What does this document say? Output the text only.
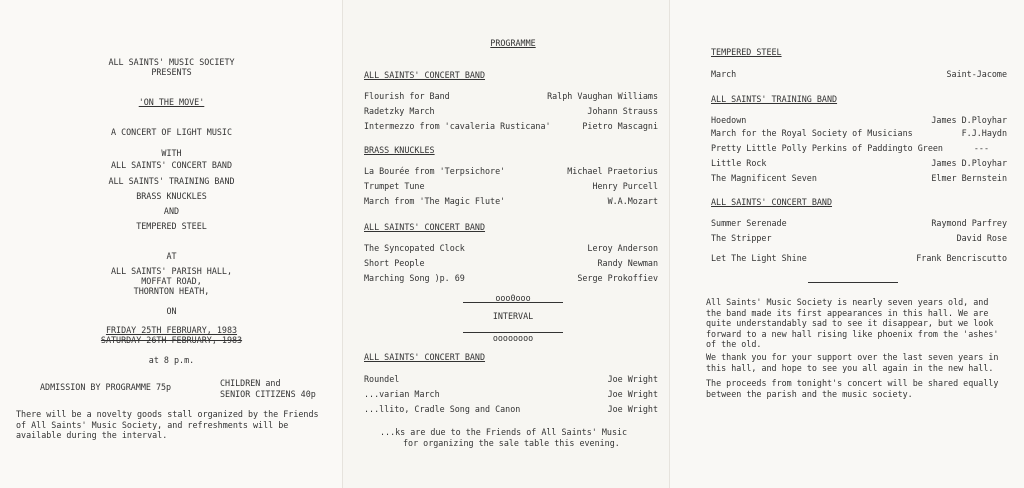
ALL SAINTS' MUSIC SOCIETY
PRESENTS
'ON THE MOVE'
A CONCERT OF LIGHT MUSIC
WITH
ALL SAINTS' CONCERT BAND
ALL SAINTS' TRAINING BAND
BRASS KNUCKLES
AND
TEMPERED STEEL
AT
ALL SAINTS' PARISH HALL,
MOFFAT ROAD,
THORNTON HEATH,
ON
FRIDAY 25TH FEBRUARY, 1983
SATURDAY 26TH FEBRUARY, 1983
at 8 p.m.
ADMISSION BY PROGRAMME 75p	CHILDREN and
SENIOR CITIZENS 40p
There will be a novelty goods stall organized by the Friends of All Saints' Music Society, and refreshments will be available during the interval.
PROGRAMME
ALL SAINTS' CONCERT BAND
Flourish for Band	Ralph Vaughan Williams
Radetzky March	Johann Strauss
Intermezzo from 'cavaleria Rusticana'	Pietro Mascagni
BRASS KNUCKLES
La Bourée from 'Terpsichore'	Michael Praetorius
Trumpet Tune	Henry Purcell
March from 'The Magic Flute'	W.A.Mozart
ALL SAINTS' CONCERT BAND
The Syncopated Clock	Leroy Anderson
Short People	Randy Newman
Marching Song )p. 69	Serge Prokoffiev
ooo0ooo
INTERVAL
oooooooo
ALL SAINTS' CONCERT BAND
Roundel	Joe Wright
...varian March	Joe Wright
...llito, Cradle Song and Canon	Joe Wright
...ks are due to the Friends of All Saints' Music
for organizing the sale table this evening.
TEMPERED STEEL
March	Saint-Jacome
ALL SAINTS' TRAINING BAND
Hoedown	James D.Ployhar
March for the Royal Society of Musicians	F.J.Haydn
Pretty Little Polly Perkins of Paddingto Green	---
Little Rock	James D.Ployhar
The Magnificent Seven	Elmer Bernstein
ALL SAINTS' CONCERT BAND
Summer Serenade	Raymond Parfrey
The Stripper	David Rose
Let The Light Shine	Frank Bencriscutto
All Saints' Music Society is nearly seven years old, and the band made its first appearances in this hall. We are quite understandably sad to see it disappear, but we look forward to a new hall rising like phoenix from the 'ashes' of the old.
We thank you for your support over the last seven years in this hall, and hope to see you all again in the new hall.
The proceeds from tonight's concert will be shared equally between the parish and the music society.
